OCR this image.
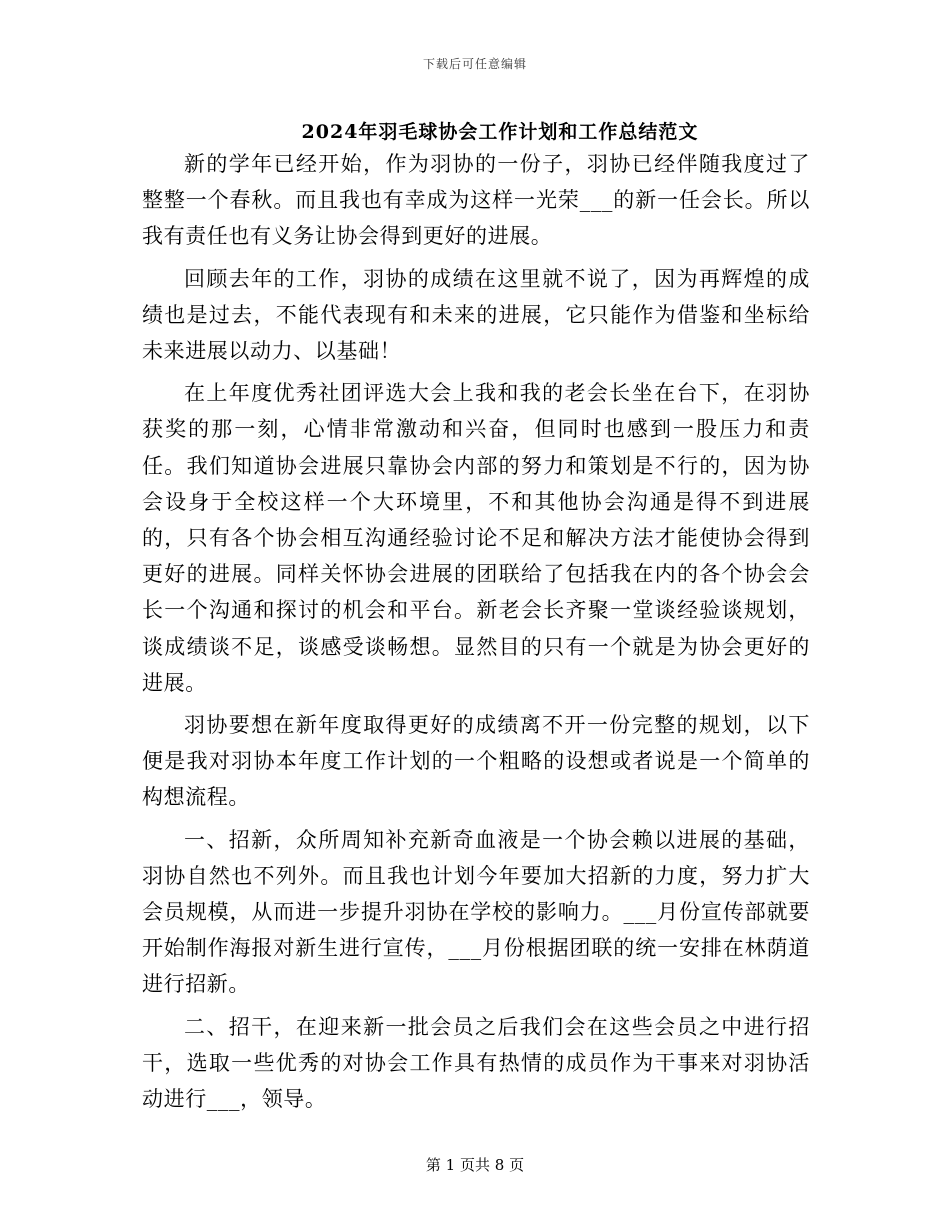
下载后可任意编辑
2024年羽毛球协会工作计划和工作总结范文

新的学年已经开始，作为羽协的一份子，羽协已经伴随我度过了整整一个春秋。而且我也有幸成为这样一光荣___的新一任会长。所以我有责任也有义务让协会得到更好的进展。

回顾去年的工作，羽协的成绩在这里就不说了，因为再辉煌的成绩也是过去，不能代表现有和未来的进展，它只能作为借鉴和坐标给未来进展以动力、以基础！

在上年度优秀社团评选大会上我和我的老会长坐在台下，在羽协获奖的那一刻，心情非常激动和兴奋，但同时也感到一股压力和责任。我们知道协会进展只靠协会内部的努力和策划是不行的，因为协会设身于全校这样一个大环境里，不和其他协会沟通是得不到进展的，只有各个协会相互沟通经验讨论不足和解决方法才能使协会得到更好的进展。同样关怀协会进展的团联给了包括我在内的各个协会会长一个沟通和探讨的机会和平台。新老会长齐聚一堂谈经验谈规划，谈成绩谈不足，谈感受谈畅想。显然目的只有一个就是为协会更好的进展。

羽协要想在新年度取得更好的成绩离不开一份完整的规划，以下便是我对羽协本年度工作计划的一个粗略的设想或者说是一个简单的构想流程。

一、招新，众所周知补充新奇血液是一个协会赖以进展的基础，羽协自然也不列外。而且我也计划今年要加大招新的力度，努力扩大会员规模，从而进一步提升羽协在学校的影响力。___月份宣传部就要开始制作海报对新生进行宣传，___月份根据团联的统一安排在林荫道进行招新。

二、招干，在迎来新一批会员之后我们会在这些会员之中进行招干，选取一些优秀的对协会工作具有热情的成员作为干事来对羽协活动进行___，领导。

第 1 页共 8 页
